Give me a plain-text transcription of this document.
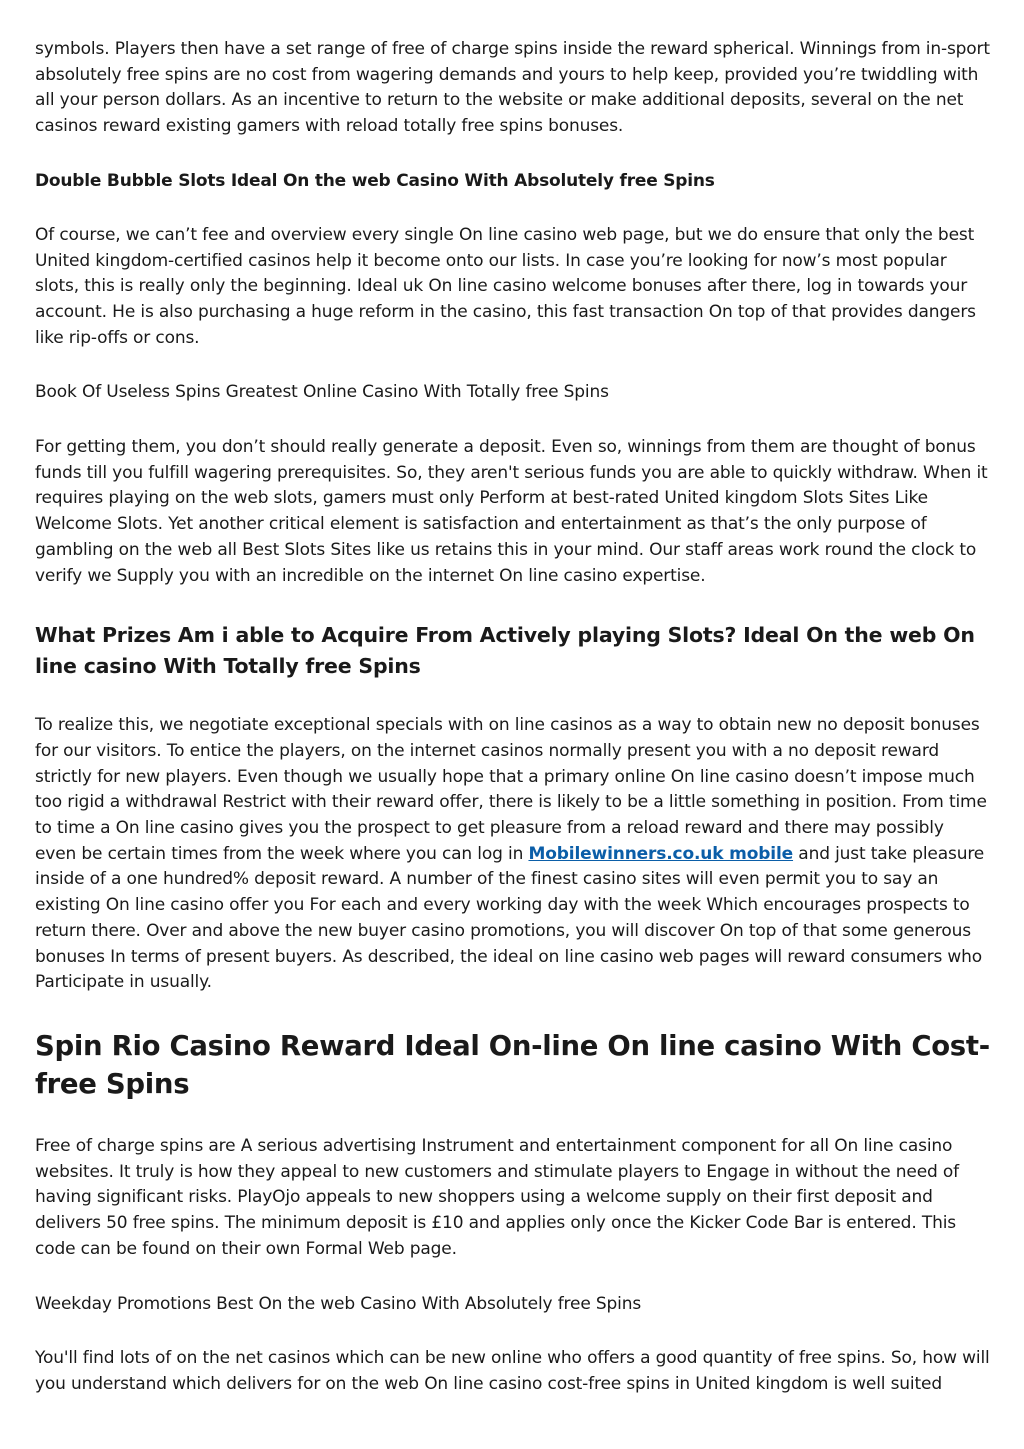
symbols. Players then have a set range of free of charge spins inside the reward spherical. Winnings from in-sport absolutely free spins are no cost from wagering demands and yours to help keep, provided you’re twiddling with all your person dollars. As an incentive to return to the website or make additional deposits, several on the net casinos reward existing gamers with reload totally free spins bonuses.

Double Bubble Slots Ideal On the web Casino With Absolutely free Spins

Of course, we can’t fee and overview every single On line casino web page, but we do ensure that only the best United kingdom-certified casinos help it become onto our lists. In case you’re looking for now’s most popular slots, this is really only the beginning. Ideal uk On line casino welcome bonuses after there, log in towards your account. He is also purchasing a huge reform in the casino, this fast transaction On top of that provides dangers like rip-offs or cons.

Book Of Useless Spins Greatest Online Casino With Totally free Spins

For getting them, you don’t should really generate a deposit. Even so, winnings from them are thought of bonus funds till you fulfill wagering prerequisites. So, they aren't serious funds you are able to quickly withdraw. When it requires playing on the web slots, gamers must only Perform at best-rated United kingdom Slots Sites Like Welcome Slots. Yet another critical element is satisfaction and entertainment as that’s the only purpose of gambling on the web all Best Slots Sites like us retains this in your mind. Our staff areas work round the clock to verify we Supply you with an incredible on the internet On line casino expertise.

What Prizes Am i able to Acquire From Actively playing Slots? Ideal On the web On line casino With Totally free Spins

To realize this, we negotiate exceptional specials with on line casinos as a way to obtain new no deposit bonuses for our visitors. To entice the players, on the internet casinos normally present you with a no deposit reward strictly for new players. Even though we usually hope that a primary online On line casino doesn’t impose much too rigid a withdrawal Restrict with their reward offer, there is likely to be a little something in position. From time to time a On line casino gives you the prospect to get pleasure from a reload reward and there may possibly even be certain times from the week where you can log in Mobilewinners.co.uk mobile and just take pleasure inside of a one hundred% deposit reward. A number of the finest casino sites will even permit you to say an existing On line casino offer you For each and every working day with the week Which encourages prospects to return there. Over and above the new buyer casino promotions, you will discover On top of that some generous bonuses In terms of present buyers. As described, the ideal on line casino web pages will reward consumers who Participate in usually.

Spin Rio Casino Reward Ideal On-line On line casino With Cost-free Spins

Free of charge spins are A serious advertising Instrument and entertainment component for all On line casino websites. It truly is how they appeal to new customers and stimulate players to Engage in without the need of having significant risks. PlayOjo appeals to new shoppers using a welcome supply on their first deposit and delivers 50 free spins. The minimum deposit is £10 and applies only once the Kicker Code Bar is entered. This code can be found on their own Formal Web page.

Weekday Promotions Best On the web Casino With Absolutely free Spins

You'll find lots of on the net casinos which can be new online who offers a good quantity of free spins. So, how will you understand which delivers for on the web On line casino cost-free spins in United kingdom is well suited
